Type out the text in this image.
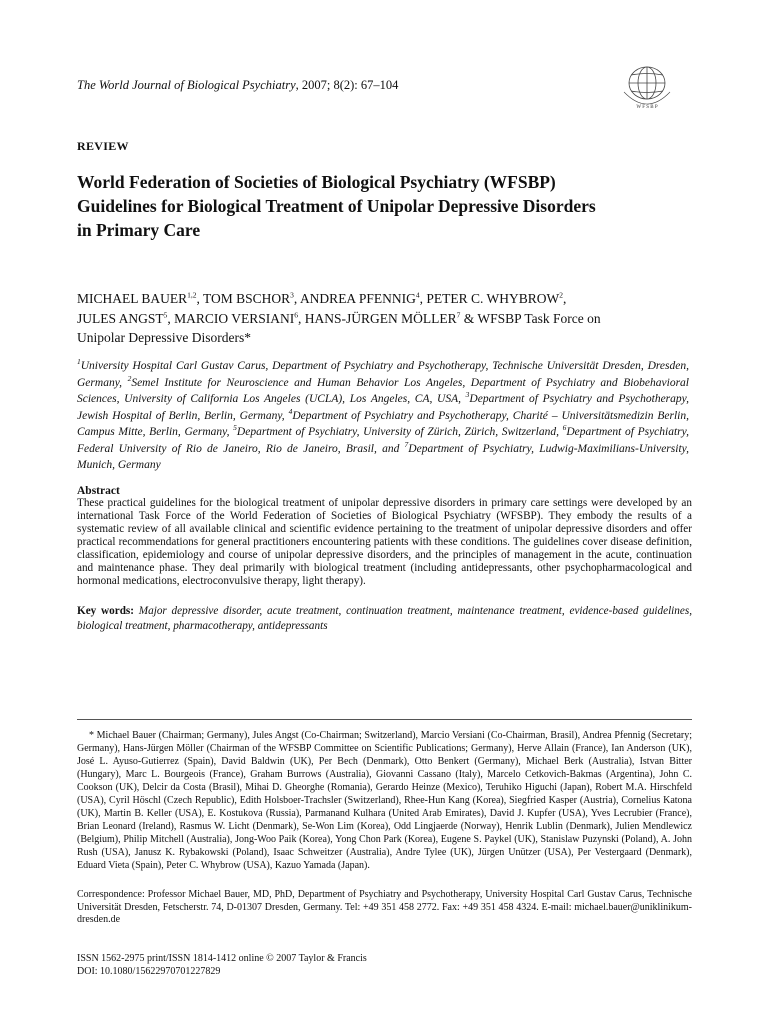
The World Journal of Biological Psychiatry, 2007; 8(2): 67–104
W F S B P
REVIEW
World Federation of Societies of Biological Psychiatry (WFSBP)
Guidelines for Biological Treatment of Unipolar Depressive Disorders
in Primary Care
MICHAEL BAUER$^{1,2}$, TOM BSCHOR$^3$, ANDREA PFENNIG$^4$, PETER C. WHYBROW$^2$,
JULES ANGST$^5$, MARCIO VERSIANI$^6$, HANS-JÜRGEN MÖLLER$^7$ & WFSBP Task Force on
Unipolar Depressive Disorders*
$^1$University Hospital Carl Gustav Carus, Department of Psychiatry and Psychotherapy, Technische Universität Dresden, Dresden, Germany, $^2$Semel Institute for Neuroscience and Human Behavior Los Angeles, Department of Psychiatry and Biobehavioral Sciences, University of California Los Angeles (UCLA), Los Angeles, CA, USA, $^3$Department of Psychiatry and Psychotherapy, Jewish Hospital of Berlin, Berlin, Germany, $^4$Department of Psychiatry and Psychotherapy, Charité – Universitätsmedizin Berlin, Campus Mitte, Berlin, Germany, $^5$Department of Psychiatry, University of Zürich, Zürich, Switzerland, $^6$Department of Psychiatry, Federal University of Rio de Janeiro, Rio de Janeiro, Brasil, and $^7$Department of Psychiatry, Ludwig-Maximilians-University, Munich, Germany
Abstract
These practical guidelines for the biological treatment of unipolar depressive disorders in primary care settings were developed by an international Task Force of the World Federation of Societies of Biological Psychiatry (WFSBP). They embody the results of a systematic review of all available clinical and scientific evidence pertaining to the treatment of unipolar depressive disorders and offer practical recommendations for general practitioners encountering patients with these conditions. The guidelines cover disease definition, classification, epidemiology and course of unipolar depressive disorders, and the principles of management in the acute, continuation and maintenance phase. They deal primarily with biological treatment (including antidepressants, other psychopharmacological and hormonal medications, electroconvulsive therapy, light therapy).
Key words: Major depressive disorder, acute treatment, continuation treatment, maintenance treatment, evidence-based guidelines, biological treatment, pharmacotherapy, antidepressants
* Michael Bauer (Chairman; Germany), Jules Angst (Co-Chairman; Switzerland), Marcio Versiani (Co-Chairman, Brasil), Andrea Pfennig (Secretary; Germany), Hans-Jürgen Möller (Chairman of the WFSBP Committee on Scientific Publications; Germany), Herve Allain (France), Ian Anderson (UK), José L. Ayuso-Gutierrez (Spain), David Baldwin (UK), Per Bech (Denmark), Otto Benkert (Germany), Michael Berk (Australia), Istvan Bitter (Hungary), Marc L. Bourgeois (France), Graham Burrows (Australia), Giovanni Cassano (Italy), Marcelo Cetkovich-Bakmas (Argentina), John C. Cookson (UK), Delcir da Costa (Brasil), Mihai D. Gheorghe (Romania), Gerardo Heinze (Mexico), Teruhiko Higuchi (Japan), Robert M.A. Hirschfeld (USA), Cyril Höschl (Czech Republic), Edith Holsboer-Trachsler (Switzerland), Rhee-Hun Kang (Korea), Siegfried Kasper (Austria), Cornelius Katona (UK), Martin B. Keller (USA), E. Kostukova (Russia), Parmanand Kulhara (United Arab Emirates), David J. Kupfer (USA), Yves Lecrubier (France), Brian Leonard (Ireland), Rasmus W. Licht (Denmark), Se-Won Lim (Korea), Odd Lingjaerde (Norway), Henrik Lublin (Denmark), Julien Mendlewicz (Belgium), Philip Mitchell (Australia), Jong-Woo Paik (Korea), Yong Chon Park (Korea), Eugene S. Paykel (UK), Stanislaw Puzynski (Poland), A. John Rush (USA), Janusz K. Rybakowski (Poland), Isaac Schweitzer (Australia), Andre Tylee (UK), Jürgen Unützer (USA), Per Vestergaard (Denmark), Eduard Vieta (Spain), Peter C. Whybrow (USA), Kazuo Yamada (Japan).
Correspondence: Professor Michael Bauer, MD, PhD, Department of Psychiatry and Psychotherapy, University Hospital Carl Gustav Carus, Technische Universität Dresden, Fetscherstr. 74, D-01307 Dresden, Germany. Tel: +49 351 458 2772. Fax: +49 351 458 4324. E-mail: michael.bauer@uniklinikum-dresden.de
ISSN 1562-2975 print/ISSN 1814-1412 online © 2007 Taylor & Francis
DOI: 10.1080/15622970701227829
